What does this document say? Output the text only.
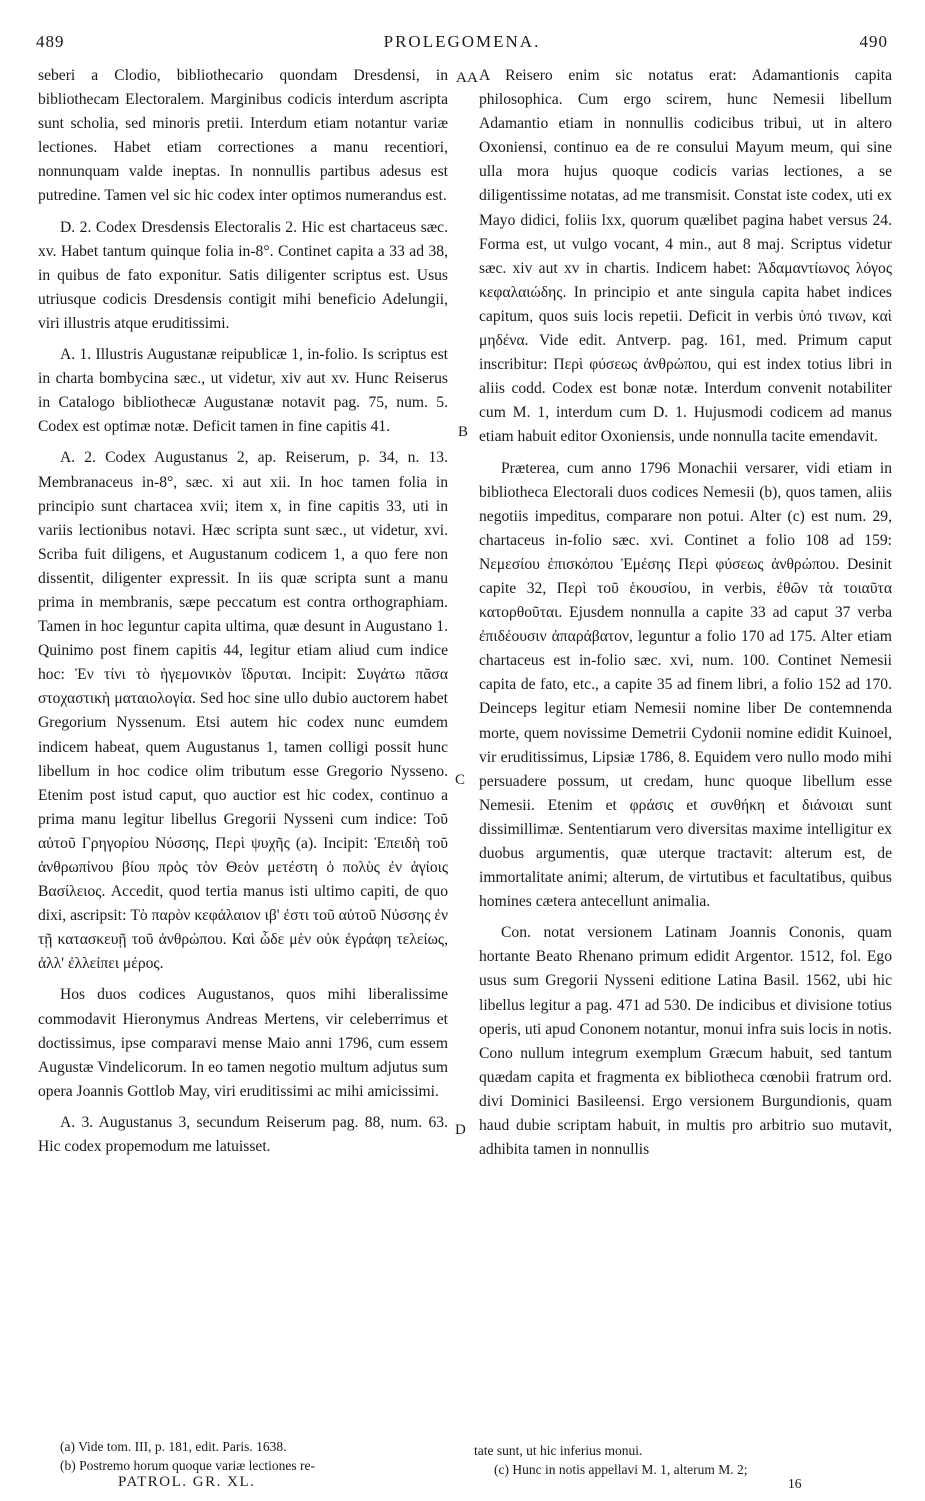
489	PROLEGOMENA.	490

seberi a Clodio, bibliothecario quondam Dresdensi, in bibliothecam Electoralem. Marginibus codicis interdum ascripta sunt scholia, sed minoris pretii. Interdum etiam notantur variæ lectiones. Habet etiam correctiones a manu recentiori, nonnunquam valde ineptas. In nonnullis partibus adesus est putredine. Tamen vel sic hic codex inter optimos numerandus est.

D. 2. Codex Dresdensis Electoralis 2. Hic est chartaceus sæc. xv. Habet tantum quinque folia in-8°. Continet capita a 33 ad 38, in quibus de fato exponitur. Satis diligenter scriptus est. Usus utriusque codicis Dresdensis contigit mihi beneficio Adelungii, viri illustris atque eruditissimi.

A. 1. Illustris Augustanæ reipublicæ 1, in-folio. Is scriptus est in charta bombycina sæc., ut videtur, xiv aut xv. Hunc Reiserus in Catalogo bibliothecæ Augustanæ notavit pag. 75, num. 5. Codex est optimæ notæ. Deficit tamen in fine capitis 41.

A. 2. Codex Augustanus 2, ap. Reiserum, p. 34, n. 13. Membranaceus in-8°, sæc. xi aut xii. In hoc tamen folia in principio sunt chartacea xvii; item x, in fine capitis 33, uti in variis lectionibus notavi. Hæc scripta sunt sæc., ut videtur, xvi. Scriba fuit diligens, et Augustanum codicem 1, a quo fere non dissentit, diligenter expressit. In iis quæ scripta sunt a manu prima in membranis, sæpe peccatum est contra orthographiam. Tamen in hoc leguntur capita ultima, quæ desunt in Augustano 1. Quinimo post finem capitis 44, legitur etiam aliud cum indice hoc: Ἐν τίνι τὸ ἡγεμονικὸν ἵδρυται. Incipit: Συγάτω πᾶσα στοχαστικὴ ματαιολογία. Sed hoc sine ullo dubio auctorem habet Gregorium Nyssenum. Etsi autem hic codex nunc eumdem indicem habeat, quem Augustanus 1, tamen colligi possit hunc libellum in hoc codice olim tributum esse Gregorio Nysseno. Etenim post istud caput, quo auctior est hic codex, continuo a prima manu legitur libellus Gregorii Nysseni cum indice: Τοῦ αὐτοῦ Γρηγορίου Νύσσης, Περὶ ψυχῆς (a). Incipit: Ἐπειδὴ τοῦ ἀνθρωπίνου βίου πρὸς τὸν Θεὸν μετέστη ὁ πολὺς ἐν ἁγίοις Βασίλειος. Accedit, quod tertia manus isti ultimo capiti, de quo dixi, ascripsit: Τὸ παρὸν κεφάλαιον ιβ' ἐστι τοῦ αὐτοῦ Νύσσης ἐν τῇ κατασκευῇ τοῦ ἀνθρώπου. Καὶ ὧδε μὲν οὐκ ἐγράφη τελείως, ἀλλ' ἐλλείπει μέρος.

Hos duos codices Augustanos, quos mihi liberalissime commodavit Hieronymus Andreas Mertens, vir celeberrimus et doctissimus, ipse comparavi mense Maio anni 1796, cum essem Augustæ Vindelicorum. In eo tamen negotio multum adjutus sum opera Joannis Gottlob May, viri eruditissimi ac mihi amicissimi.

A. 3. Augustanus 3, secundum Reiserum pag. 88, num. 63. Hic codex propemodum me latuisset.

A Reisero enim sic notatus erat: Adamantionis capita philosophica. Cum ergo scirem, hunc Nemesii libellum Adamantio etiam in nonnullis codicibus tribui, ut in altero Oxoniensi, continuo ea de re consului Mayum meum, qui sine ulla mora hujus quoque codicis varias lectiones, a se diligentissime notatas, ad me transmisit. Constat iste codex, uti ex Mayo didici, foliis lxx, quorum quælibet pagina habet versus 24. Forma est, ut vulgo vocant, 4 min., aut 8 maj. Scriptus videtur sæc. xiv aut xv in chartis. Indicem habet: Ἀδαμαντίωνος λόγος κεφαλαιώδης. In principio et ante singula capita habet indices capitum, quos suis locis repetii. Deficit in verbis ὑπό τινων, καὶ μηδένα. Vide edit. Antverp. pag. 161, med. Primum caput inscribitur: Περὶ φύσεως ἀνθρώπου, qui est index totius libri in aliis codd. Codex est bonæ notæ. Interdum convenit notabiliter cum M. 1, interdum cum D. 1. Hujusmodi codicem ad manus etiam habuit editor Oxoniensis, unde nonnulla tacite emendavit.

Præterea, cum anno 1796 Monachii versarer, vidi etiam in bibliotheca Electorali duos codices Nemesii (b), quos tamen, aliis negotiis impeditus, comparare non potui. Alter (c) est num. 29, chartaceus in-folio sæc. xvi. Continet a folio 108 ad 159: Νεμεσίου ἐπισκόπου Ἐμέσης Περὶ φύσεως ἀνθρώπου. Desinit capite 32, Περὶ τοῦ ἑκουσίου, in verbis, ἐθῶν τὰ τοιαῦτα κατορθοῦται. Ejusdem nonnulla a capite 33 ad caput 37 verba ἐπιδέουσιν ἀπαράβατον, leguntur a folio 170 ad 175. Alter etiam chartaceus est in-folio sæc. xvi, num. 100. Continet Nemesii capita de fato, etc., a capite 35 ad finem libri, a folio 152 ad 170. Deinceps legitur etiam Nemesii nomine liber De contemnenda morte, quem novissime Demetrii Cydonii nomine edidit Kuinoel, vir eruditissimus, Lipsiæ 1786, 8. Equidem vero nullo modo mihi persuadere possum, ut credam, hunc quoque libellum esse Nemesii. Etenim et φράσις et συνθήκη et διάνοιαι sunt dissimillimæ. Sententiarum vero diversitas maxime intelligitur ex duobus argumentis, quæ uterque tractavit: alterum est, de immortalitate animi; alterum, de virtutibus et facultatibus, quibus homines cætera antecellunt animalia.

Con. notat versionem Latinam Joannis Cononis, quam hortante Beato Rhenano primum edidit Argentor. 1512, fol. Ego usus sum Gregorii Nysseni editione Latina Basil. 1562, ubi hic libellus legitur a pag. 471 ad 530. De indicibus et divisione totius operis, uti apud Cononem notantur, monui infra suis locis in notis. Cono nullum integrum exemplum Græcum habuit, sed tantum quædam capita et fragmenta ex bibliotheca cœnobii fratrum ord. divi Dominici Basileensi. Ergo versionem Burgundionis, quam haud dubie scriptam habuit, in multis pro arbitrio suo mutavit, adhibita tamen in nonnullis

A A
B
C
D
(a) Vide tom. III, p. 181, edit. Paris. 1638.
(b) Postremo horum quoque variæ lectiones re-
tate sunt, ut hic inferius monui.
(c) Hunc in notis appellavi M. 1, alterum M. 2;
PATROL. GR. XL.	16
